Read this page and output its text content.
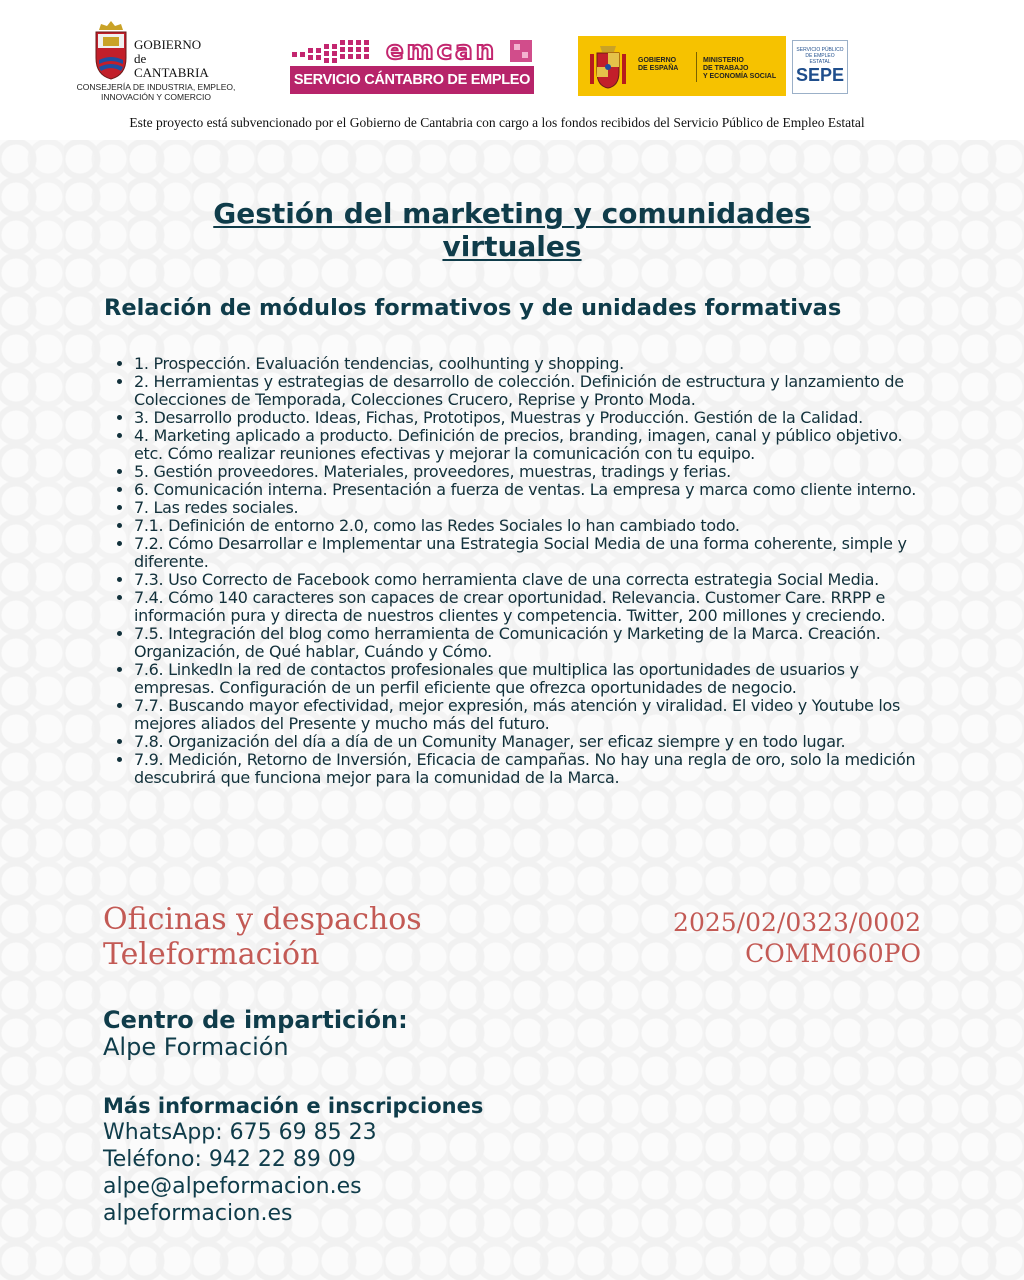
GOBIERNO
de
CANTABRIA
CONSEJERÍA DE INDUSTRIA, EMPLEO,
INNOVACIÓN Y COMERCIO
emcan
SERVICIO CÁNTABRO DE EMPLEO
GOBIERNO
DE ESPAÑA
MINISTERIO
DE TRABAJO
Y ECONOMÍA SOCIAL
SERVICIO PÚBLICO
DE EMPLEO ESTATAL
SEPE
Este proyecto está subvencionado por el Gobierno de Cantabria con cargo a los fondos recibidos del Servicio Público de Empleo Estatal
Gestión del marketing y comunidades
virtuales
Relación de módulos formativos y de unidades formativas
• 1. Prospección. Evaluación tendencias, coolhunting y shopping.
• 2. Herramientas y estrategias de desarrollo de colección. Definición de estructura y lanzamiento de Colecciones de Temporada, Colecciones Crucero, Reprise y Pronto Moda.
• 3. Desarrollo producto. Ideas, Fichas, Prototipos, Muestras y Producción. Gestión de la Calidad.
• 4. Marketing aplicado a producto. Definición de precios, branding, imagen, canal y público objetivo. etc. Cómo realizar reuniones efectivas y mejorar la comunicación con tu equipo.
• 5. Gestión proveedores. Materiales, proveedores, muestras, tradings y ferias.
• 6. Comunicación interna. Presentación a fuerza de ventas. La empresa y marca como cliente interno.
• 7. Las redes sociales.
• 7.1. Definición de entorno 2.0, como las Redes Sociales lo han cambiado todo.
• 7.2. Cómo Desarrollar e Implementar una Estrategia Social Media de una forma coherente, simple y diferente.
• 7.3. Uso Correcto de Facebook como herramienta clave de una correcta estrategia Social Media.
• 7.4. Cómo 140 caracteres son capaces de crear oportunidad. Relevancia. Customer Care. RRPP e información pura y directa de nuestros clientes y competencia. Twitter, 200 millones y creciendo.
• 7.5. Integración del blog como herramienta de Comunicación y Marketing de la Marca. Creación. Organización, de Qué hablar, Cuándo y Cómo.
• 7.6. LinkedIn la red de contactos profesionales que multiplica las oportunidades de usuarios y empresas. Configuración de un perfil eficiente que ofrezca oportunidades de negocio.
• 7.7. Buscando mayor efectividad, mejor expresión, más atención y viralidad. El video y Youtube los mejores aliados del Presente y mucho más del futuro.
• 7.8. Organización del día a día de un Comunity Manager, ser eficaz siempre y en todo lugar.
• 7.9. Medición, Retorno de Inversión, Eficacia de campañas. No hay una regla de oro, solo la medición descubrirá que funciona mejor para la comunidad de la Marca.
Oficinas y despachos
Teleformación
2025/02/0323/0002
COMM060PO
Centro de impartición:
Alpe Formación
Más información e inscripciones
WhatsApp: 675 69 85 23
Teléfono: 942 22 89 09
alpe@alpeformacion.es
alpeformacion.es
